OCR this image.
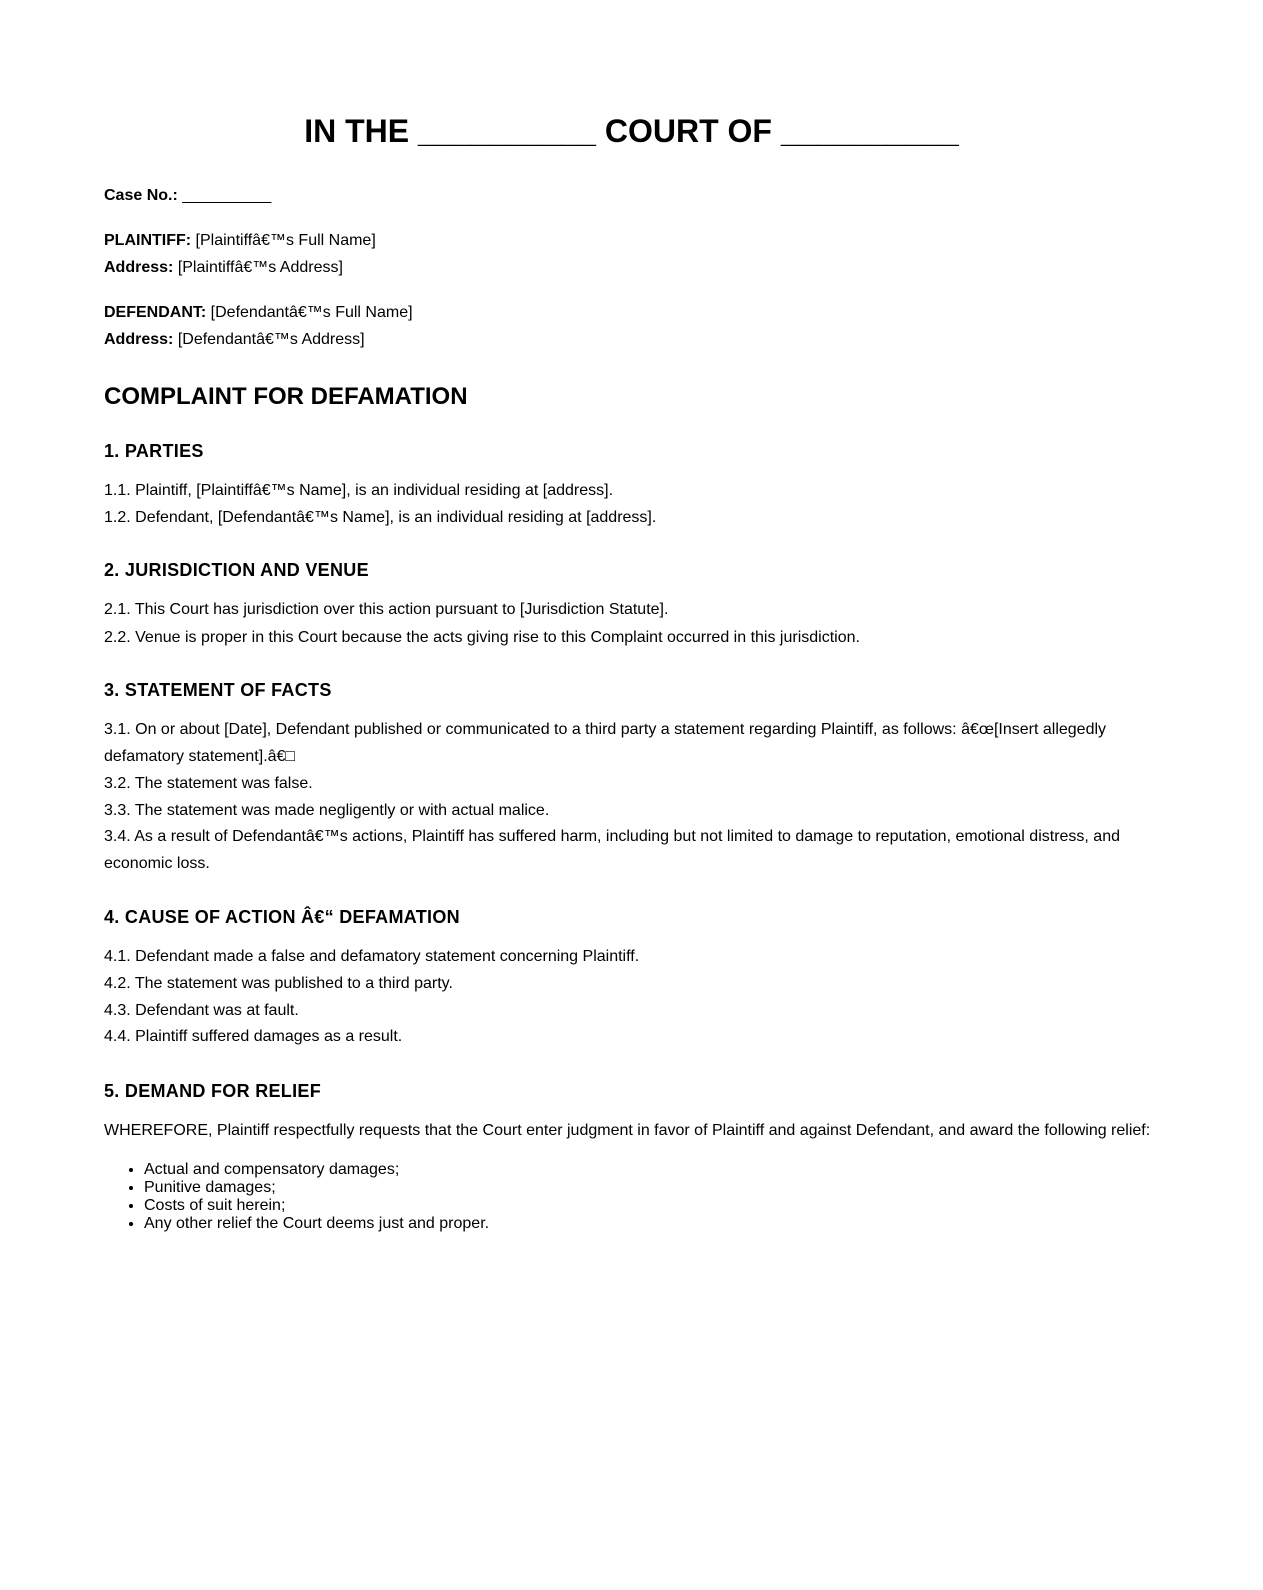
IN THE __________ COURT OF __________
Case No.: __________
PLAINTIFF: [Plaintiffâ€™s Full Name]
Address: [Plaintiffâ€™s Address]
DEFENDANT: [Defendantâ€™s Full Name]
Address: [Defendantâ€™s Address]
COMPLAINT FOR DEFAMATION
1. PARTIES

1.1. Plaintiff, [Plaintiffâ€™s Name], is an individual residing at [address].

1.2. Defendant, [Defendantâ€™s Name], is an individual residing at [address].

2. JURISDICTION AND VENUE

2.1. This Court has jurisdiction over this action pursuant to [Jurisdiction Statute].

2.2. Venue is proper in this Court because the acts giving rise to this Complaint occurred in this jurisdiction.

3. STATEMENT OF FACTS

3.1. On or about [Date], Defendant published or communicated to a third party a statement regarding Plaintiff, as follows: â€œ[Insert allegedly defamatory statement].â€□

3.2. The statement was false.

3.3. The statement was made negligently or with actual malice.

3.4. As a result of Defendantâ€™s actions, Plaintiff has suffered harm, including but not limited to damage to reputation, emotional distress, and economic loss.

4. CAUSE OF ACTION Â€“ DEFAMATION

4.1. Defendant made a false and defamatory statement concerning Plaintiff.

4.2. The statement was published to a third party.

4.3. Defendant was at fault.

4.4. Plaintiff suffered damages as a result.

5. DEMAND FOR RELIEF

WHEREFORE, Plaintiff respectfully requests that the Court enter judgment in favor of Plaintiff and against Defendant, and award the following relief:

• Actual and compensatory damages;
• Punitive damages;
• Costs of suit herein;
• Any other relief the Court deems just and proper.
